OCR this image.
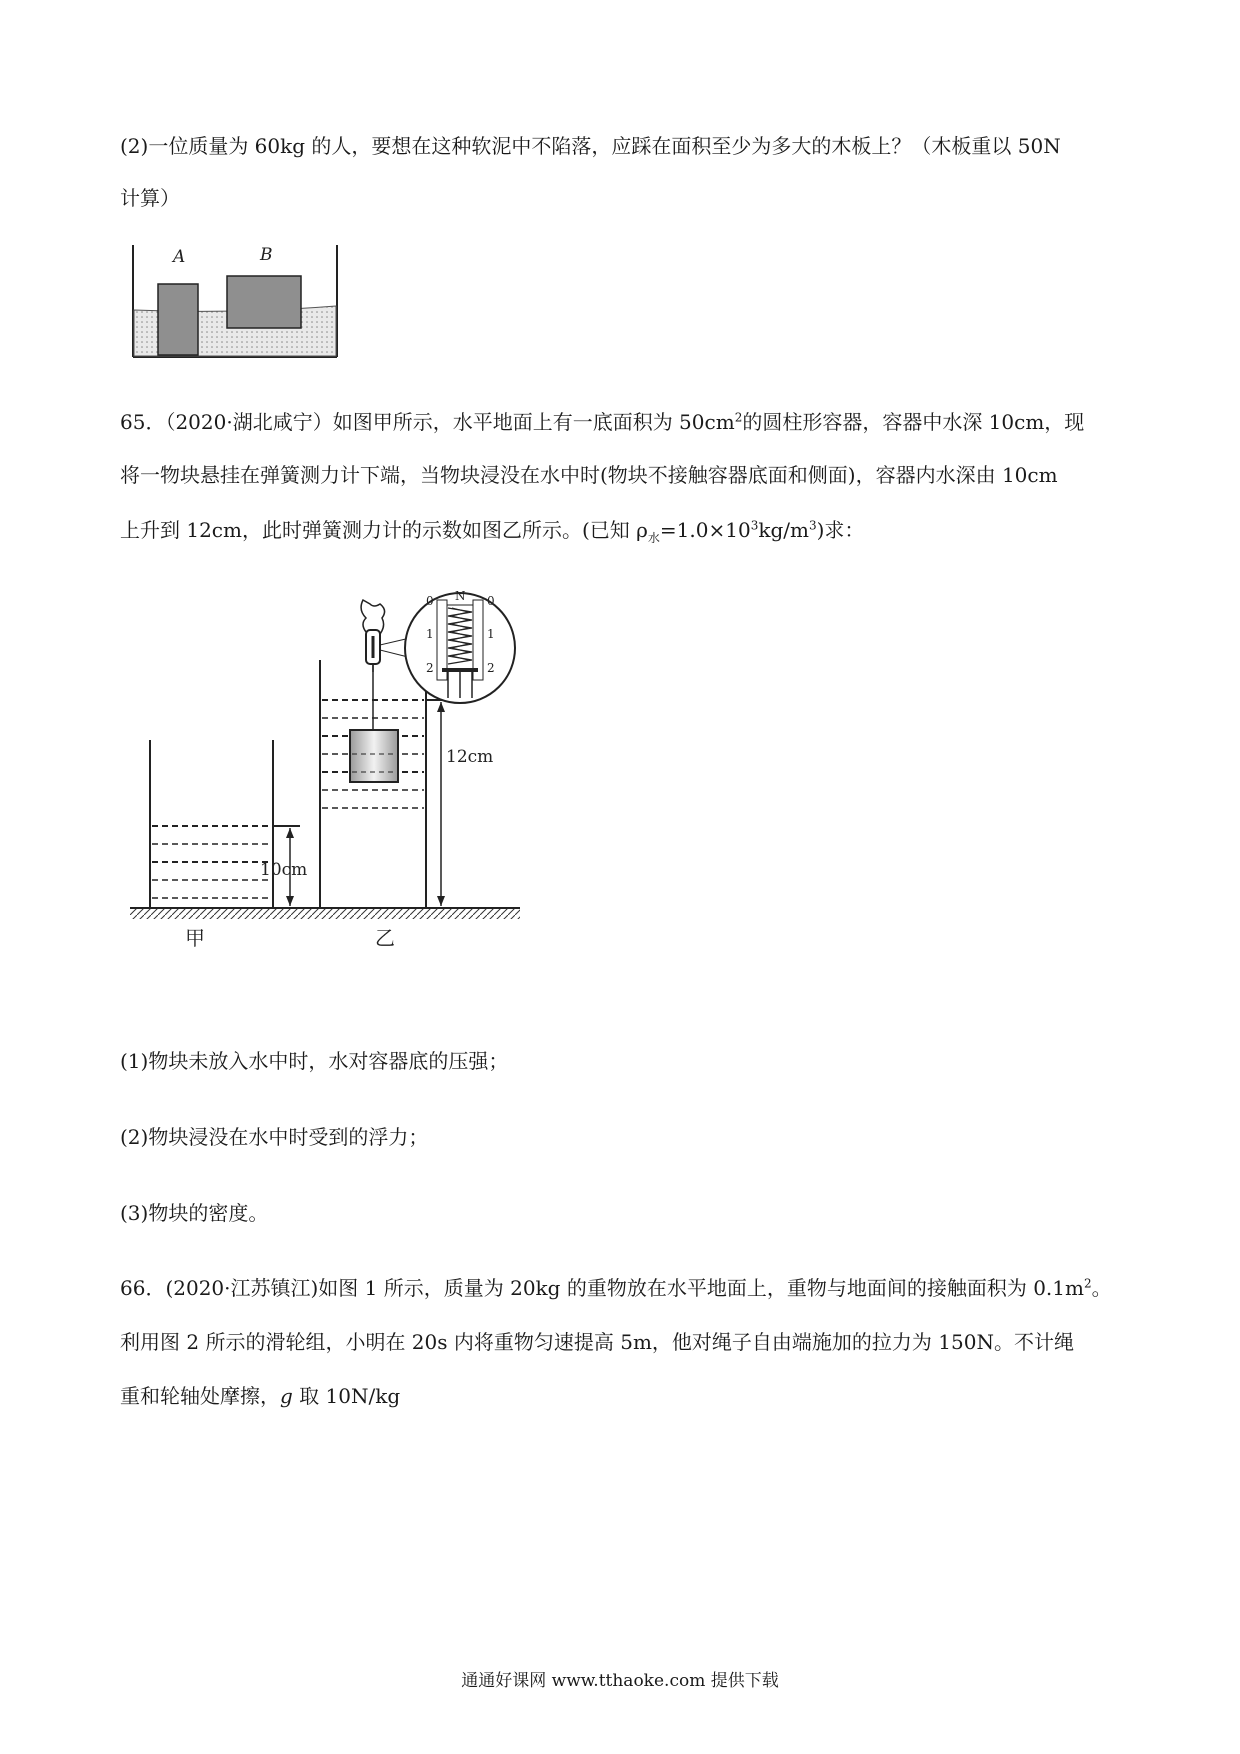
(2)一位质量为 60kg 的人，要想在这种软泥中不陷落，应踩在面积至少为多大的木板上？（木板重以 50N
计算）
A	B
65．（2020·湖北咸宁）如图甲所示，水平地面上有一底面积为 $50cm^2$的圆柱形容器，容器中水深 10cm，现
将一物块悬挂在弹簧测力计下端，当物块浸没在水中时(物块不接触容器底面和侧面)，容器内水深由 10cm
上升到 12cm，此时弹簧测力计的示数如图乙所示。(已知 $\rho_水=1.0\times 10^3kg/m^3$)求：
10cm
12cm
N
0	0
1	1
2	2
甲	乙
(1)物块未放入水中时，水对容器底的压强；
(2)物块浸没在水中时受到的浮力；
(3)物块的密度。
66．(2020·江苏镇江)如图 1 所示，质量为 20kg 的重物放在水平地面上，重物与地面间的接触面积为 $0.1m^2$。
利用图 2 所示的滑轮组，小明在 20s 内将重物匀速提高 5m，他对绳子自由端施加的拉力为 150N。不计绳
重和轮轴处摩擦，g 取 10N/kg
通通好课网 www.tthaoke.com 提供下载
